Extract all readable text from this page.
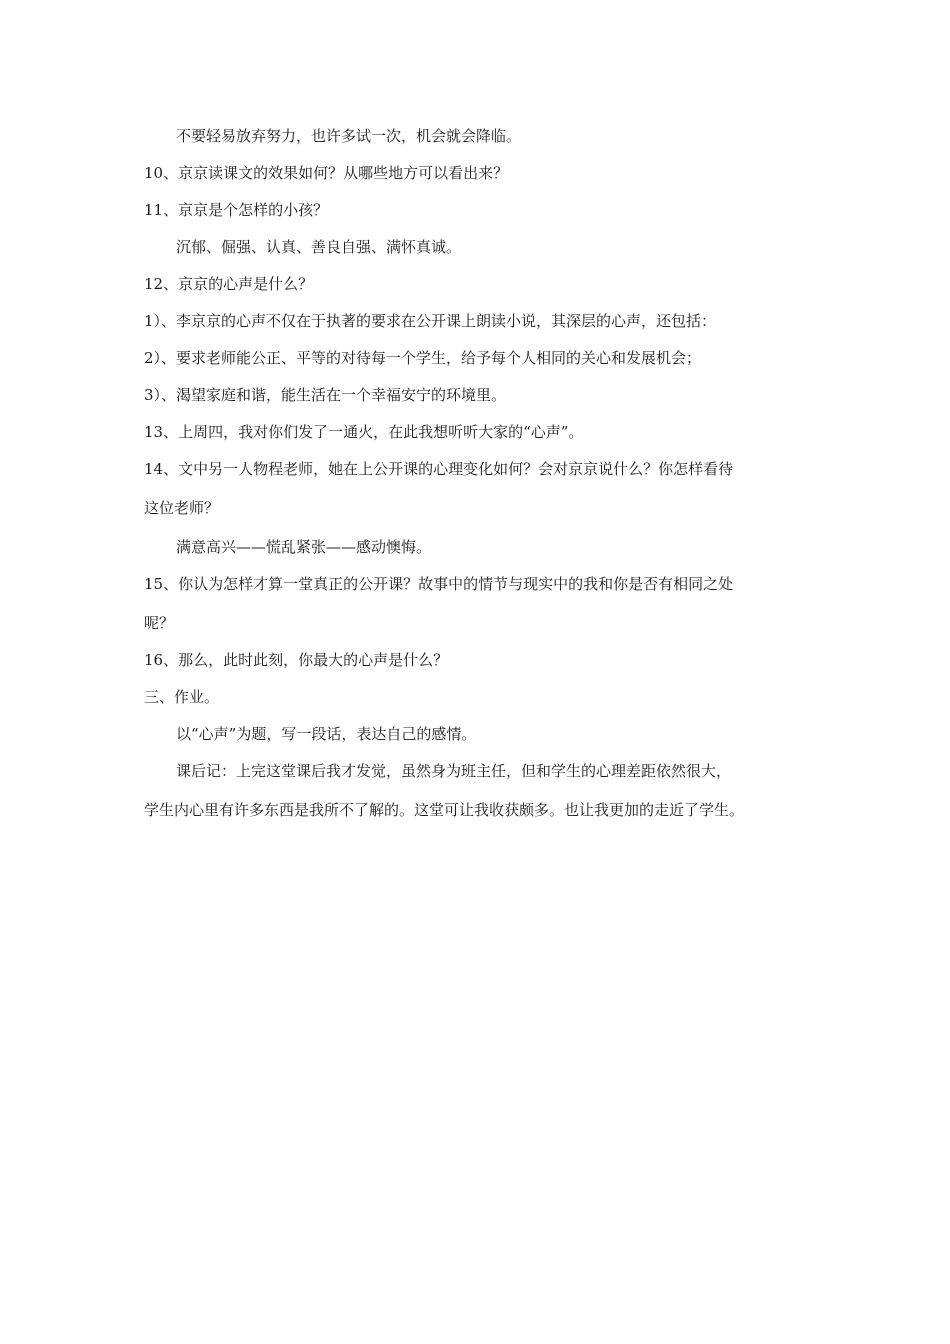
不要轻易放弃努力，也许多试一次，机会就会降临。
10、京京读课文的效果如何？从哪些地方可以看出来？
11、京京是个怎样的小孩？
沉郁、倔强、认真、善良自强、满怀真诚。
12、京京的心声是什么？
1）、李京京的心声不仅在于执著的要求在公开课上朗读小说，其深层的心声，还包括：
2）、要求老师能公正、平等的对待每一个学生，给予每个人相同的关心和发展机会；
3）、渴望家庭和谐，能生活在一个幸福安宁的环境里。
13、上周四，我对你们发了一通火，在此我想听听大家的“心声”。
14、文中另一人物程老师，她在上公开课的心理变化如何？会对京京说什么？你怎样看待
这位老师？
满意高兴——慌乱紧张——感动懊悔。
15、你认为怎样才算一堂真正的公开课？故事中的情节与现实中的我和你是否有相同之处
呢？
16、那么，此时此刻，你最大的心声是什么？
三、作业。
以“心声”为题，写一段话，表达自己的感情。
课后记：上完这堂课后我才发觉，虽然身为班主任，但和学生的心理差距依然很大，
学生内心里有许多东西是我所不了解的。这堂可让我收获颇多。也让我更加的走近了学生。
